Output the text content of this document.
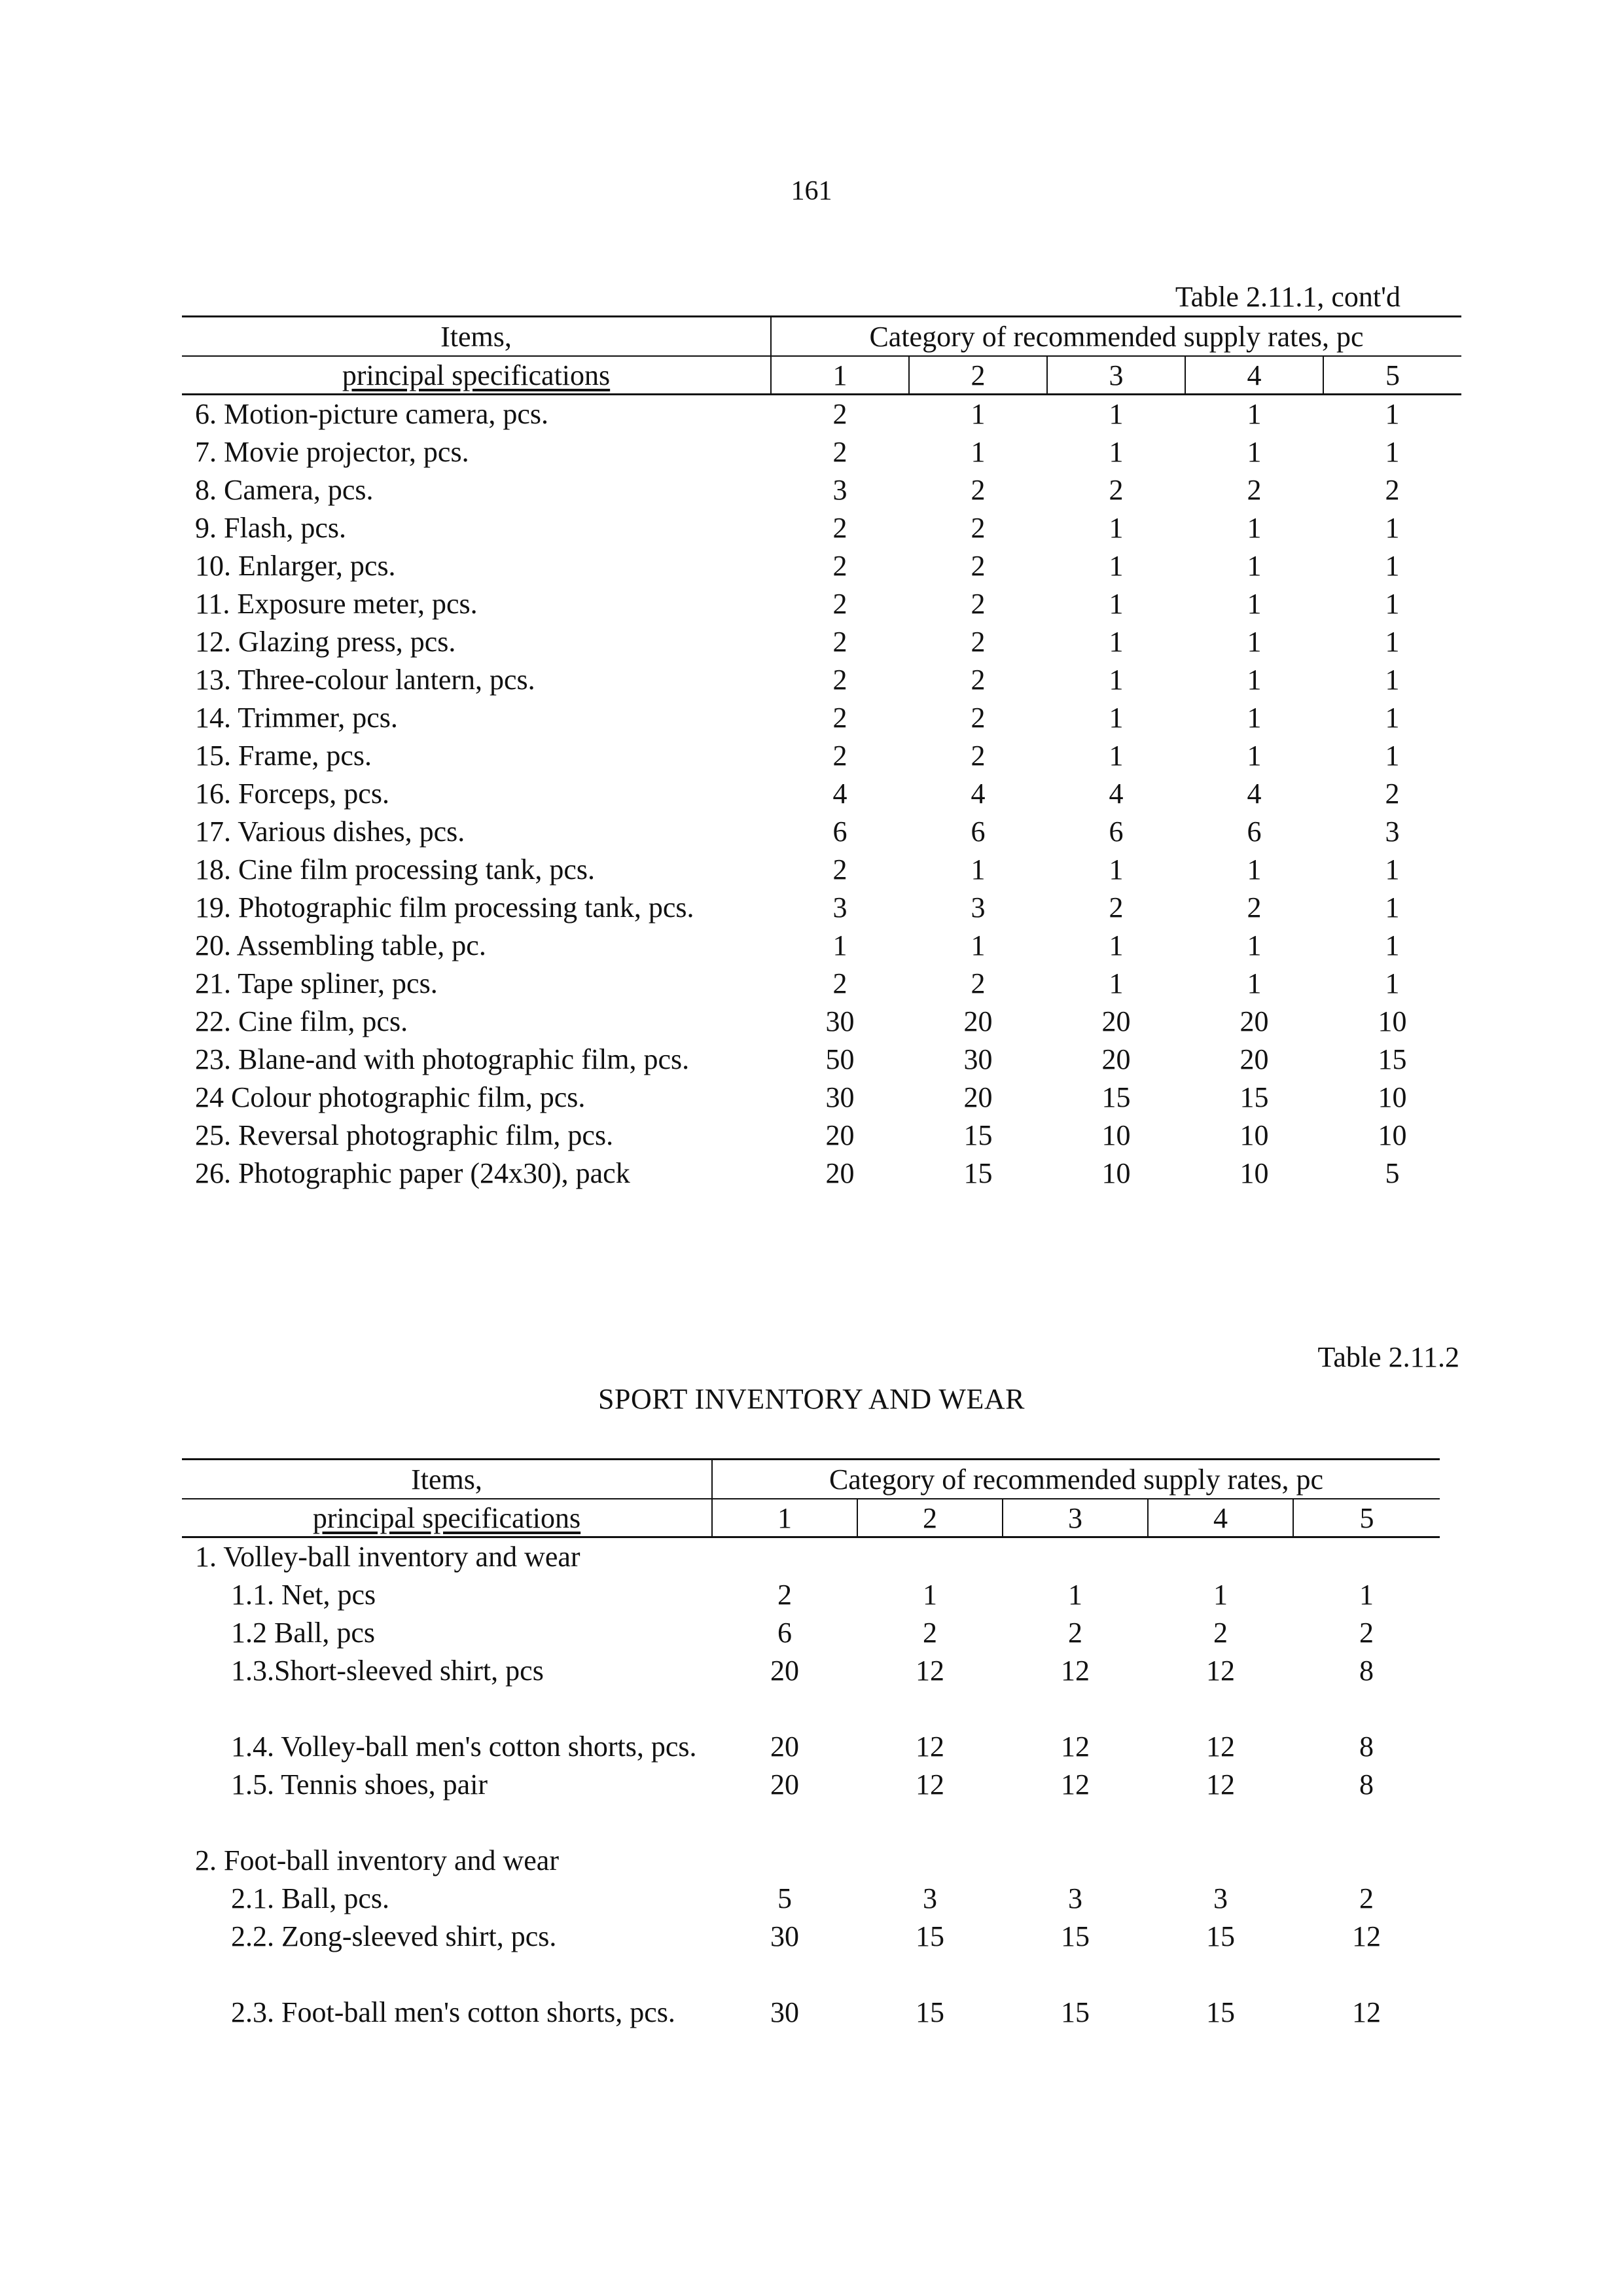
161
Table 2.11.1, cont'd
Items,	Category of recommended supply rates, pc				
principal specifications	1	2	3	4	5
6. Motion-picture camera, pcs.	2	1	1	1	1
7. Movie projector, pcs.	2	1	1	1	1
8. Camera, pcs.	3	2	2	2	2
9. Flash, pcs.	2	2	1	1	1
10. Enlarger, pcs.	2	2	1	1	1
11. Exposure meter, pcs.	2	2	1	1	1
12. Glazing press, pcs.	2	2	1	1	1
13. Three-colour lantern, pcs.	2	2	1	1	1
14. Trimmer, pcs.	2	2	1	1	1
15. Frame, pcs.	2	2	1	1	1
16. Forceps, pcs.	4	4	4	4	2
17. Various dishes, pcs.	6	6	6	6	3
18. Cine film processing tank, pcs.	2	1	1	1	1
19. Photographic film processing tank, pcs.	3	3	2	2	1
20. Assembling table, pc.	1	1	1	1	1
21. Tape spliner, pcs.	2	2	1	1	1
22. Cine film, pcs.	30	20	20	20	10
23. Blane-and with photographic film, pcs.	50	30	20	20	15
24 Colour photographic film, pcs.	30	20	15	15	10
25. Reversal photographic film, pcs.	20	15	10	10	10
26. Photographic paper (24x30), pack	20	15	10	10	5
Table 2.11.2
SPORT INVENTORY AND WEAR
Items,	Category of recommended supply rates, pc				
principal specifications	1	2	3	4	5
1. Volley-ball inventory and wear					
1.1. Net, pcs	2	1	1	1	1
1.2 Ball, pcs	6	2	2	2	2
1.3.Short-sleeved shirt, pcs	20	12	12	12	8

1.4. Volley-ball men's cotton shorts, pcs.	20	12	12	12	8
1.5. Tennis shoes, pair	20	12	12	12	8

2. Foot-ball inventory and wear					
2.1. Ball, pcs.	5	3	3	3	2
2.2. Zong-sleeved shirt, pcs.	30	15	15	15	12

2.3. Foot-ball men's cotton shorts, pcs.	30	15	15	15	12
